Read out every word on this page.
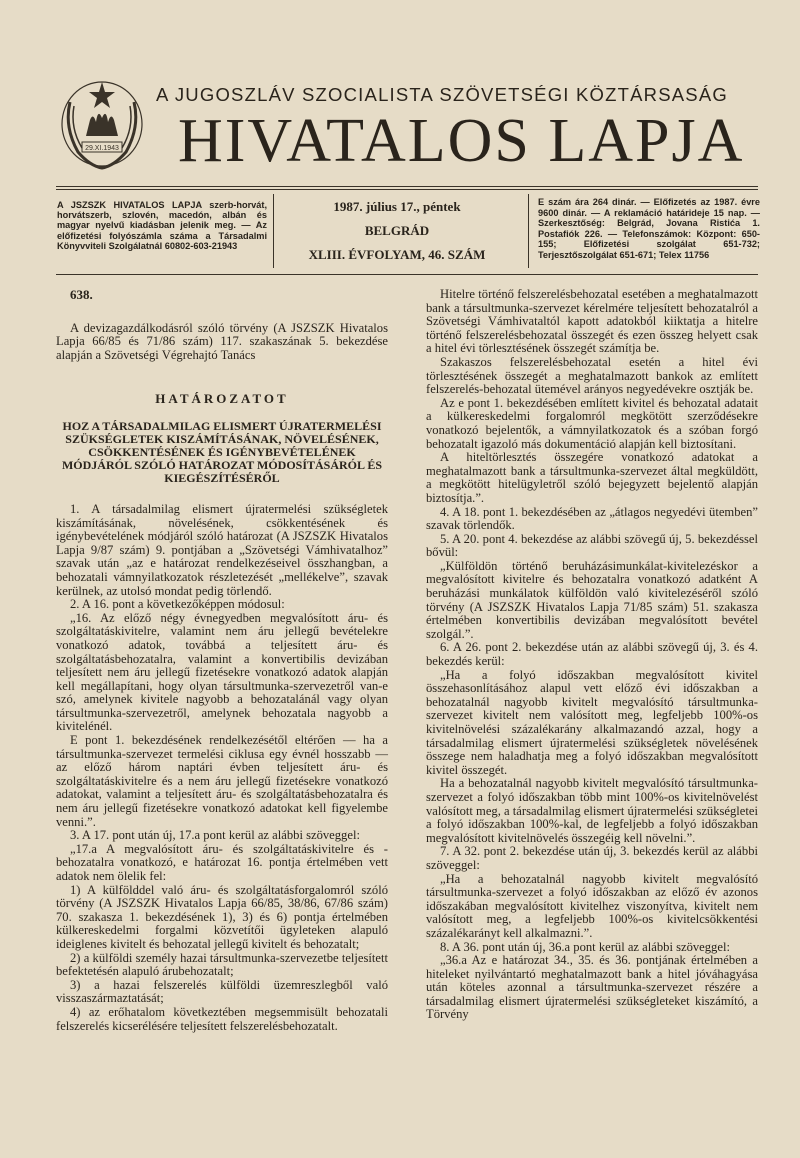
29.XI.1943
A JUGOSZLÁV SZOCIALISTA SZÖVETSÉGI KÖZTÁRSASÁG
HIVATALOS LAPJA
A JSZSZK HIVATALOS LAPJA szerb-horvát, horvátszerb, szlovén, macedón, albán és magyar nyelvű kiadásban jelenik meg. — Az előfizetési folyószámla száma a Társadalmi Könyvviteli Szolgálatnál 60802-603-21943
1987. július 17., péntek
BELGRÁD
XLIII. ÉVFOLYAM, 46. SZÁM
E szám ára 264 dinár. — Előfizetés az 1987. évre 9600 dinár. — A reklamáció határideje 15 nap. — Szerkesztőség: Belgrád, Jovana Ristića 1. Postafiók 226. — Telefonszámok: Központ: 650-155; Előfizetési szolgálat 651-732; Terjesztőszolgálat 651-671; Telex 11756
638.

A devizagazdálkodásról szóló törvény (A JSZSZK Hivatalos Lapja 66/85 és 71/86 szám) 117. szakaszának 5. bekezdése alapján a Szövetségi Végrehajtó Tanács

HATÁROZATOT
HOZ A TÁRSADALMILAG ELISMERT ÚJRATERMELÉSI SZÜKSÉGLETEK KISZÁMÍTÁSÁNAK, NÖVELÉSÉNEK, CSÖKKENTÉSÉNEK ÉS IGÉNYBEVÉTELÉNEK MÓDJÁRÓL SZÓLÓ HATÁROZAT MÓDOSÍTÁSÁRÓL ÉS KIEGÉSZÍTÉSÉRŐL

1. A társadalmilag elismert újratermelési szükségletek kiszámításának, növelésének, csökkentésének és igénybevételének módjáról szóló határozat (A JSZSZK Hivatalos Lapja 9/87 szám) 9. pontjában a „Szövetségi Vámhivatalhoz” szavak után „az e határozat rendelkezéseivel összhangban, a behozatali vámnyilatkozatok részletezését „mellékelve”, szavak kerülnek, az utolsó mondat pedig törlendő.

2. A 16. pont a következőképpen módosul:

„16. Az előző négy évnegyedben megvalósított áru- és szolgáltatáskivitelre, valamint nem áru jellegű bevételekre vonatkozó adatok, továbbá a teljesített áru- és szolgáltatásbehozatalra, valamint a konvertibilis devizában teljesített nem áru jellegű fizetésekre vonatkozó adatok alapján kell megállapítani, hogy olyan társultmunka-szervezetről van-e szó, amelynek kivitele nagyobb a behozatalánál vagy olyan társultmunka-szervezetről, amelynek behozatala nagyobb a kivitelénél.

E pont 1. bekezdésének rendelkezésétől eltérően — ha a társultmunka-szervezet termelési ciklusa egy évnél hosszabb — az előző három naptári évben teljesített áru- és szolgáltatáskivitelre és a nem áru jellegű fizetésekre vonatkozó adatokat, valamint a teljesített áru- és szolgáltatásbehozatalra és nem áru jellegű fizetésekre vonatkozó adatokat kell figyelembe venni.”.

3. A 17. pont után új, 17.a pont kerül az alábbi szöveggel:

„17.a A megvalósított áru- és szolgáltatáskivitelre és -behozatalra vonatkozó, e határozat 16. pontja értelmében vett adatok nem ölelik fel:

1) A külfölddel való áru- és szolgáltatásforgalomról szóló törvény (A JSZSZK Hivatalos Lapja 66/85, 38/86, 67/86 szám) 70. szakasza 1. bekezdésének 1), 3) és 6) pontja értelmében külkereskedelmi forgalmi közvetítői ügyleteken alapuló ideiglenes kivitelt és behozatal jellegű kivitelt és behozatalt;

2) a külföldi személy hazai társultmunka-szervezetbe teljesített befektetésén alapuló árubehozatalt;

3) a hazai felszerelés külföldi üzemreszlegből való visszaszármaztatását;

4) az erőhatalom következtében megsemmisült behozatali felszerelés kicserélésére teljesített felszerelésbehozatalt.

Hitelre történő felszerelésbehozatal esetében a meghatalmazott bank a társultmunka-szervezet kérelmére teljesített behozatalról a Szövetségi Vámhivataltól kapott adatokból kiiktatja a hitelre történő felszerelésbehozatal összegét és ezen összeg helyett csak a hitel évi törlesztésének összegét számítja be.

Szakaszos felszerelésbehozatal esetén a hitel évi törlesztésének összegét a meghatalmazott bankok az említett felszerelés-behozatal ütemével arányos negyedévekre osztják be.

Az e pont 1. bekezdésében említett kivitel és behozatal adatait a külkereskedelmi forgalomról megkötött szerződésekre vonatkozó bejelentők, a vámnyilatkozatok és a szóban forgó behozatalt igazoló más dokumentáció alapján kell biztosítani.

A hiteltörlesztés összegére vonatkozó adatokat a meghatalmazott bank a társultmunka-szervezet által megküldött, a megkötött hitelügyletről szóló bejegyzett bejelentő alapján biztosítja.”.

4. A 18. pont 1. bekezdésében az „átlagos negyedévi ütemben” szavak törlendők.

5. A 20. pont 4. bekezdése az alábbi szövegű új, 5. bekezdéssel bővül:

„Külföldön történő beruházásimunkálat-kivitelezéskor a megvalósított kivitelre és behozatalra vonatkozó adatként A beruházási munkálatok külföldön való kivitelezéséről szóló törvény (A JSZSZK Hivatalos Lapja 71/85 szám) 51. szakasza értelmében konvertibilis devizában megvalósított bevétel szolgál.”.

6. A 26. pont 2. bekezdése után az alábbi szövegű új, 3. és 4. bekezdés kerül:

„Ha a folyó időszakban megvalósított kivitel összehasonlításához alapul vett előző évi időszakban a behozatalnál nagyobb kivitelt megvalósító társultmunka-szervezet kivitelt nem valósított meg, legfeljebb 100%-os kivitelnövelési százalékarány alkalmazandó azzal, hogy a társadalmilag elismert újratermelési szükségletek növelésének összege nem haladhatja meg a folyó időszakban megvalósított kivitel összegét.

Ha a behozatalnál nagyobb kivitelt megvalósító társultmunka-szervezet a folyó időszakban több mint 100%-os kivitelnövelést valósított meg, a társadalmilag elismert újratermelési szükségletei a folyó időszakban 100%-kal, de legfeljebb a folyó időszakban megvalósított kivitelnövelés összegéig kell növelni.”.

7. A 32. pont 2. bekezdése után új, 3. bekezdés kerül az alábbi szöveggel:

„Ha a behozatalnál nagyobb kivitelt megvalósító társultmunka-szervezet a folyó időszakban az előző év azonos időszakában megvalósított kivitelhez viszonyítva, kivitelt nem valósított meg, a legfeljebb 100%-os kivitelcsökkentési százalékarányt kell alkalmazni.”.

8. A 36. pont után új, 36.a pont kerül az alábbi szöveggel:

„36.a Az e határozat 34., 35. és 36. pontjának értelmében a hiteleket nyilvántartó meghatalmazott bank a hitel jóváhagyása után köteles azonnal a társultmunka-szervezet részére a társadalmilag elismert újratermelési szükségleteket kiszámító, a Törvény
